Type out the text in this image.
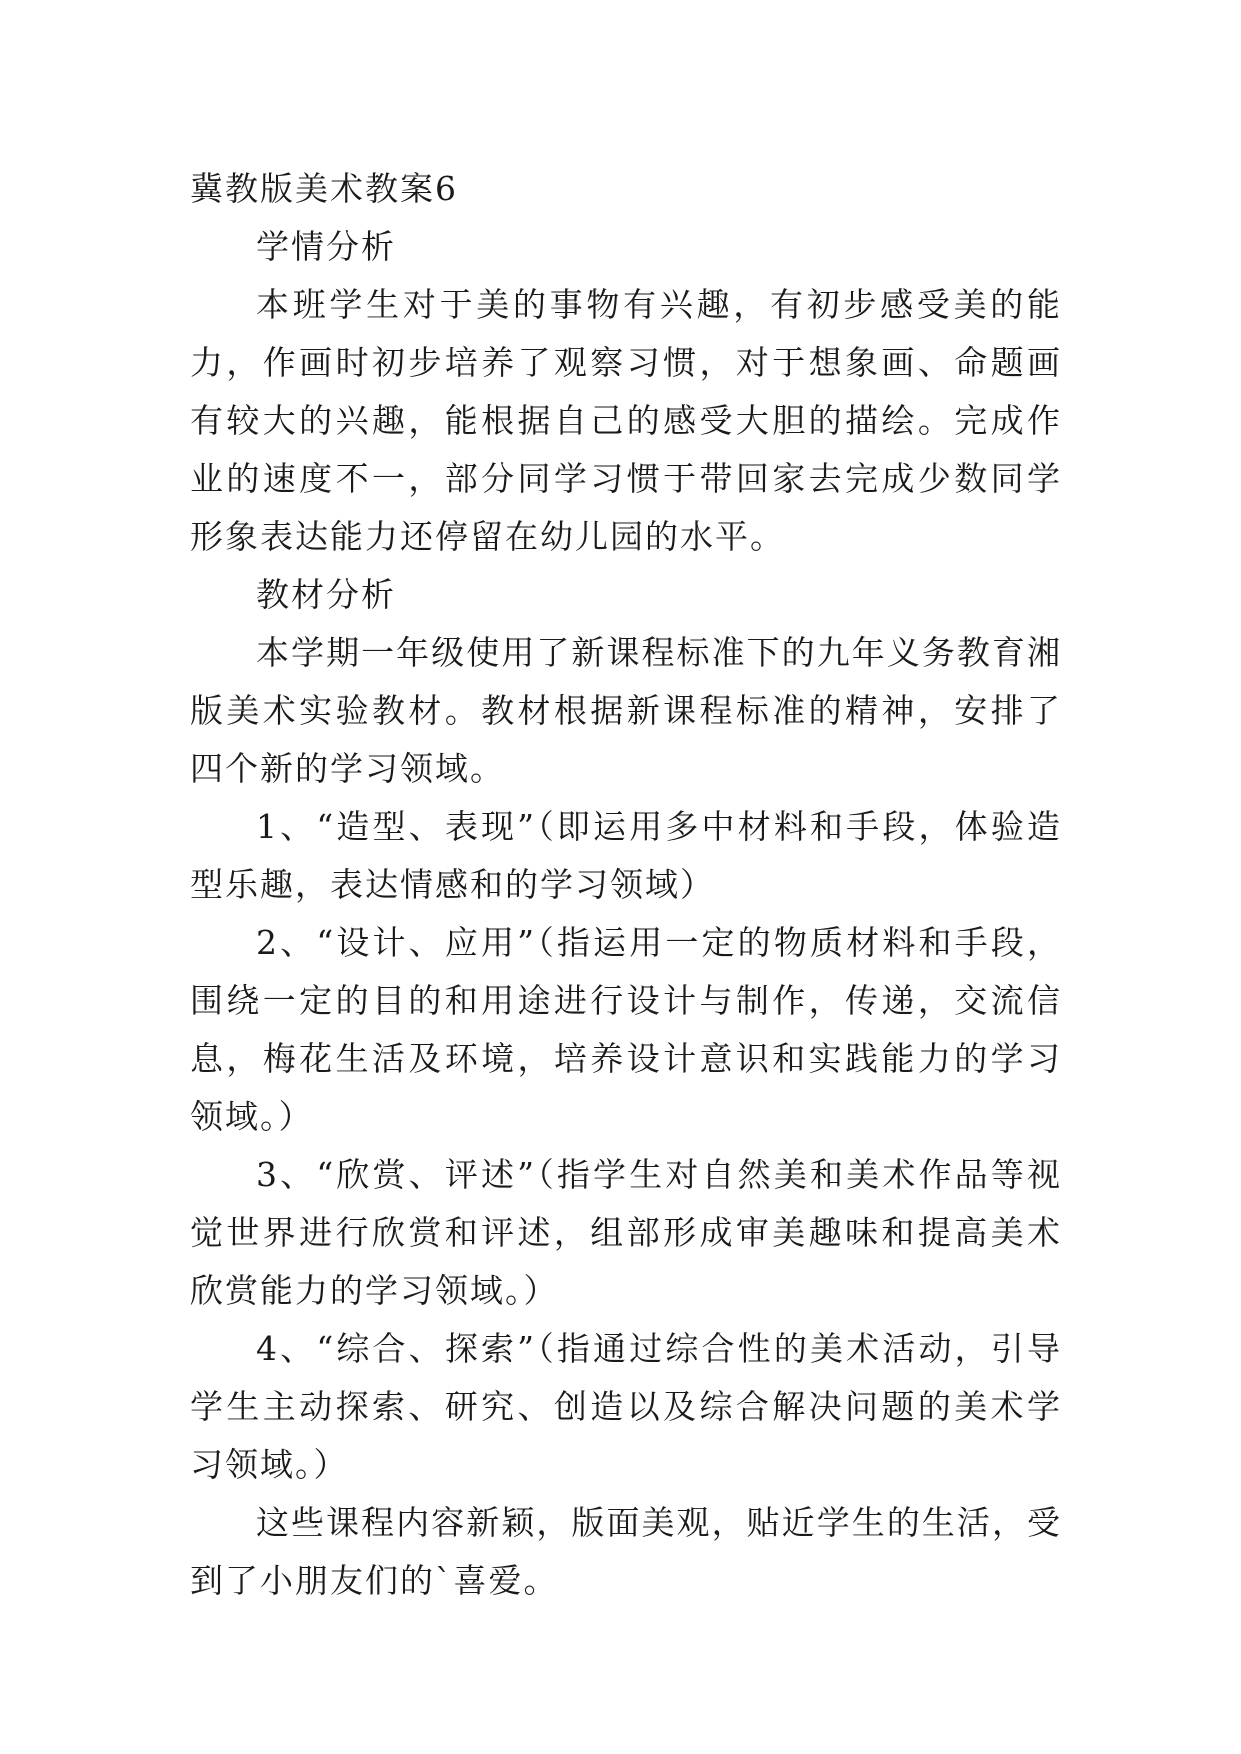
冀教版美术教案6

学情分析

本班学生对于美的事物有兴趣，有初步感受美的能力，作画时初步培养了观察习惯，对于想象画、命题画有较大的兴趣，能根据自己的感受大胆的描绘。完成作业的速度不一，部分同学习惯于带回家去完成少数同学形象表达能力还停留在幼儿园的水平。

教材分析

本学期一年级使用了新课程标准下的九年义务教育湘版美术实验教材。教材根据新课程标准的精神，安排了四个新的学习领域。

1、“造型、表现”（即运用多中材料和手段，体验造型乐趣，表达情感和的学习领域）

2、“设计、应用”（指运用一定的物质材料和手段，围绕一定的目的和用途进行设计与制作，传递，交流信息，梅花生活及环境，培养设计意识和实践能力的学习领域。）

3、“欣赏、评述”（指学生对自然美和美术作品等视觉世界进行欣赏和评述，组部形成审美趣味和提高美术欣赏能力的学习领域。）

4、“综合、探索”（指通过综合性的美术活动，引导学生主动探索、研究、创造以及综合解决问题的美术学习领域。）

这些课程内容新颖，版面美观，贴近学生的生活，受到了小朋友们的`喜爱。
